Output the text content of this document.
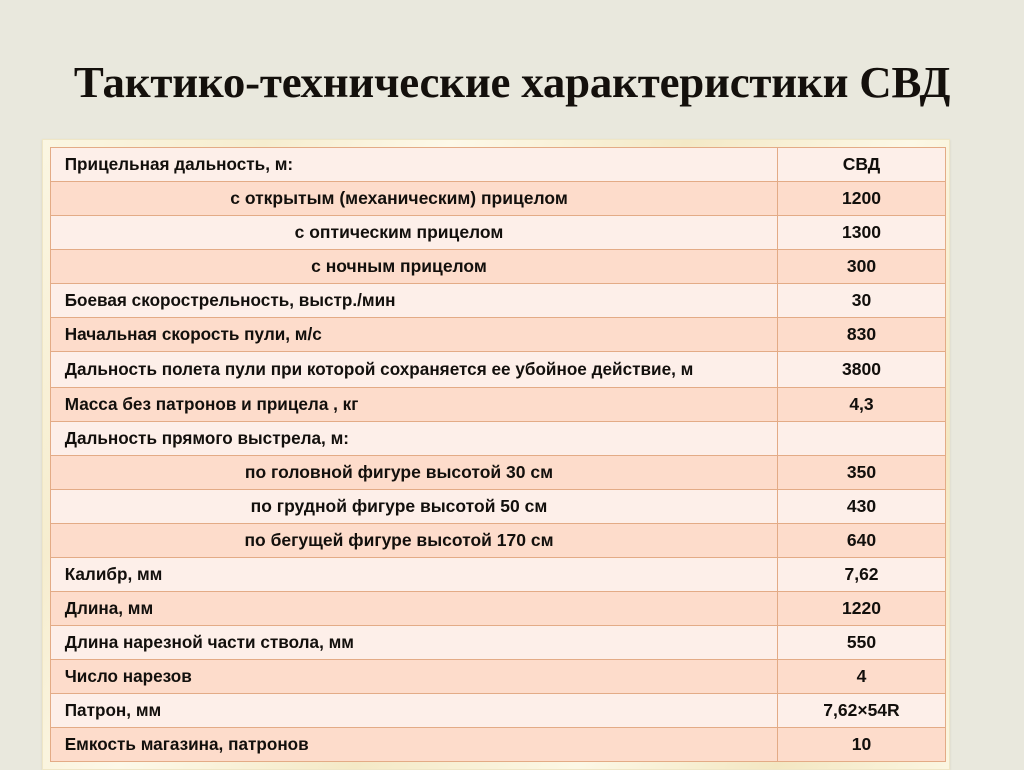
Тактико-технические характеристики СВД
Прицельная дальность, м:	СВД

с открытым (механическим) прицелом	1200

с оптическим прицелом	1300

с ночным прицелом	300

Боевая скорострельность, выстр./мин	30

Начальная скорость пули, м/с	830

Дальность полета пули при которой сохраняется ее убойное действие, м	3800

Масса без патронов и прицела , кг	4,3

Дальность прямого выстрела, м:	

по головной фигуре высотой 30 см	350

по грудной фигуре высотой 50 см	430

по бегущей фигуре высотой 170 см	640

Калибр, мм	7,62

Длина, мм	1220

Длина нарезной части ствола, мм	550

Число нарезов	4

Патрон, мм	7,62×54R

Емкость магазина, патронов	10
